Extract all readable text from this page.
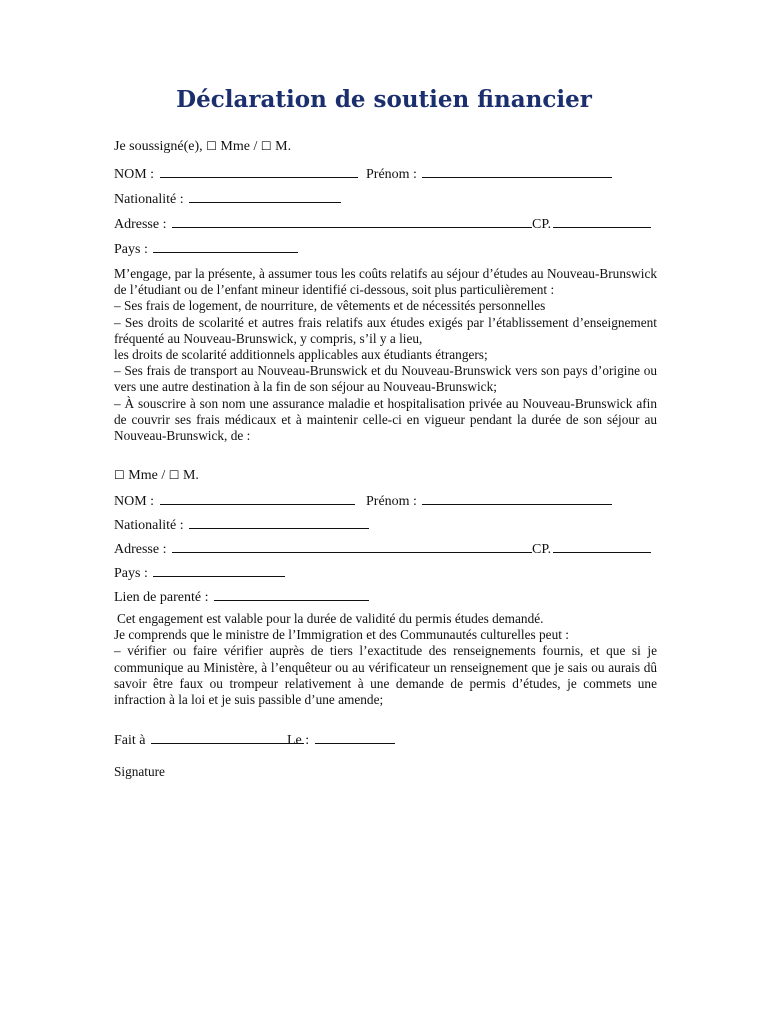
Déclaration de soutien financier
Je soussigné(e), ☐ Mme / ☐ M.
NOM :	Prénom :
Nationalité :
Adresse :	CP.
Pays :

M’engage, par la présente, à assumer tous les coûts relatifs au séjour d’études au Nouveau-Brunswick de l’étudiant ou de l’enfant mineur identifié ci-dessous, soit plus particulièrement :

– Ses frais de logement, de nourriture, de vêtements et de nécessités personnelles

– Ses droits de scolarité et autres frais relatifs aux études exigés par l’établissement d’enseignement fréquenté au Nouveau-Brunswick, y compris, s’il y a lieu,

les droits de scolarité additionnels applicables aux étudiants étrangers;

– Ses frais de transport au Nouveau-Brunswick et du Nouveau-Brunswick vers son pays d’origine ou vers une autre destination à la fin de son séjour au Nouveau-Brunswick;

– À souscrire à son nom une assurance maladie et hospitalisation privée au Nouveau-Brunswick afin de couvrir ses frais médicaux et à maintenir celle-ci en vigueur pendant la durée de son séjour au Nouveau-Brunswick, de :

☐ Mme / ☐ M.
NOM :	Prénom :
Nationalité :
Adresse :	CP.
Pays :
Lien de parenté :

Cet engagement est valable pour la durée de validité du permis études demandé.

Je comprends que le ministre de l’Immigration et des Communautés culturelles peut :

– vérifier ou faire vérifier auprès de tiers l’exactitude des renseignements fournis, et que si je communique au Ministère, à l’enquêteur ou au vérificateur un renseignement que je sais ou aurais dû savoir être faux ou trompeur relativement à une demande de permis d’études, je commets une infraction à la loi et je suis passible d’une amende;

Fait à	Le :
Signature
